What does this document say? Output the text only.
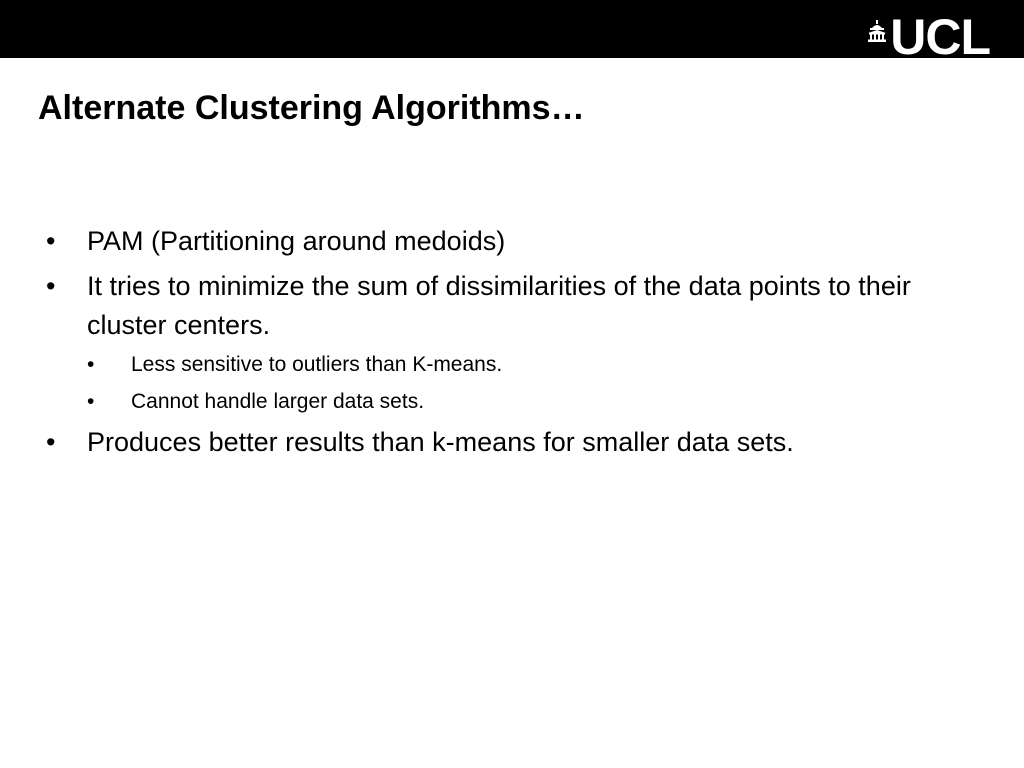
UCL
Alternate Clustering Algorithms…
• PAM (Partitioning around medoids)
• It tries to minimize the sum of dissimilarities of the data points to their cluster centers.
• Less sensitive to outliers than K-means.
• Cannot handle larger data sets.
• Produces better results than k-means for smaller data sets.
